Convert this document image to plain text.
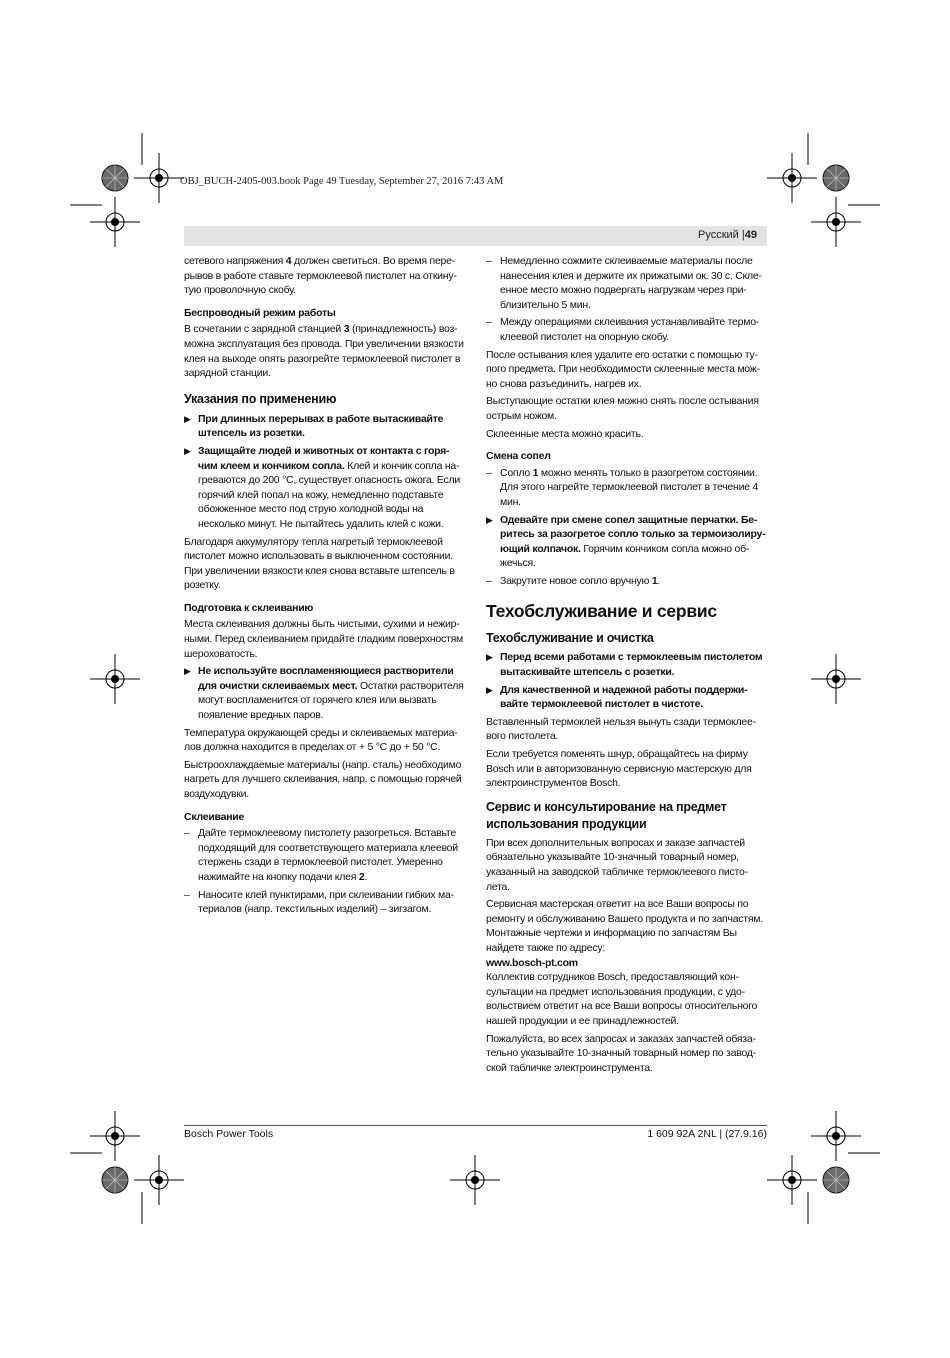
OBJ_BUCH-2405-003.book Page 49 Tuesday, September 27, 2016 7:43 AM
Русский |49

сетевого напряжения 4 должен светиться. Во время перерывов в работе ставьте термоклеевой пистолет на откинутую проволочную скобу.

Беспроводный режим работы

В сочетании с зарядной станцией 3 (принадлежность) возможна эксплуатация без провода. При увеличении вязкости клея на выходе опять разогрейте термоклеевой пистолет в зарядной станции.

Указания по применению
▶ При длинных перерывах в работе вытаскивайте штепсель из розетки.
▶ Защищайте людей и животных от контакта с горячим клеем и кончиком сопла. Клей и кончик сопла нагреваются до 200 °C, существует опасность ожога. Если горячий клей попал на кожу, немедленно подставьте обожженное место под струю холодной воды на несколько минут. Не пытайтесь удалить клей с кожи.

Благодаря аккумулятору тепла нагретый термоклеевой пистолет можно использовать в выключенном состоянии. При увеличении вязкости клея снова вставьте штепсель в розетку.

Подготовка к склеиванию

Места склеивания должны быть чистыми, сухими и нежирными. Перед склеиванием придайте гладким поверхностям шероховатость.

▶ Не используйте воспламеняющиеся растворители для очистки склеиваемых мест. Остатки растворителя могут воспламенится от горячего клея или вызвать появление вредных паров.

Температура окружающей среды и склеиваемых материалов должна находится в пределах от + 5 °C до + 50 °C.

Быстроохлаждаемые материалы (напр. сталь) необходимо нагреть для лучшего склеивания, напр. с помощью горячей воздуходувки.

Склеивание
– Дайте термоклеевому пистолету разогреться. Вставьте подходящий для соответствующего материала клеевой стержень сзади в термоклеевой пистолет. Умеренно нажимайте на кнопку подачи клея 2.
– Наносите клей пунктирами, при склеивании гибких материалов (напр. текстильных изделий) – зигзагом.
– Немедленно сожмите склеиваемые материалы после нанесения клея и держите их прижатыми ок. 30 с. Склеенное место можно подвергать нагрузкам через приблизительно 5 мин.
– Между операциями склеивания устанавливайте термоклеевой пистолет на опорную скобу.

После остывания клея удалите его остатки с помощью тупого предмета. При необходимости склеенные места можно снова разъединить, нагрев их.

Выступающие остатки клея можно снять после остывания острым ножом.

Склеенные места можно красить.

Смена сопел
– Сопло 1 можно менять только в разогретом состоянии. Для этого нагрейте термоклеевой пистолет в течение 4 мин.
▶ Одевайте при смене сопел защитные перчатки. Беритесь за разогретое сопло только за термоизолирующий колпачок. Горячим кончиком сопла можно обжечься.
– Закрутите новое сопло вручную 1.
Техобслуживание и сервис
Техобслуживание и очистка
▶ Перед всеми работами с термоклеевым пистолетом вытаскивайте штепсель с розетки.
▶ Для качественной и надежной работы поддерживайте термоклеевой пистолет в чистоте.

Вставленный термоклей нельзя вынуть сзади термоклеевого пистолета.

Если требуется поменять шнур, обращайтесь на фирму Bosch или в авторизованную сервисную мастерскую для электроинструментов Bosch.

Сервис и консультирование на предмет использования продукции

При всех дополнительных вопросах и заказе запчастей обязательно указывайте 10‑значный товарный номер, указанный на заводской табличке термоклеевого пистолета.

Сервисная мастерская ответит на все Ваши вопросы по ремонту и обслуживанию Вашего продукта и по запчастям. Монтажные чертежи и информацию по запчастям Вы найдете также по адресу:

www.bosch-pt.com

Коллектив сотрудников Bosch, предоставляющий консультации на предмет использования продукции, с удовольствием ответит на все Ваши вопросы относительного нашей продукции и ее принадлежностей.

Пожалуйста, во всех запросах и заказах запчастей обязательно указывайте 10‑значный товарный номер по заводской табличке электроинструмента.

Bosch Power Tools	1 609 92A 2NL | (27.9.16)
